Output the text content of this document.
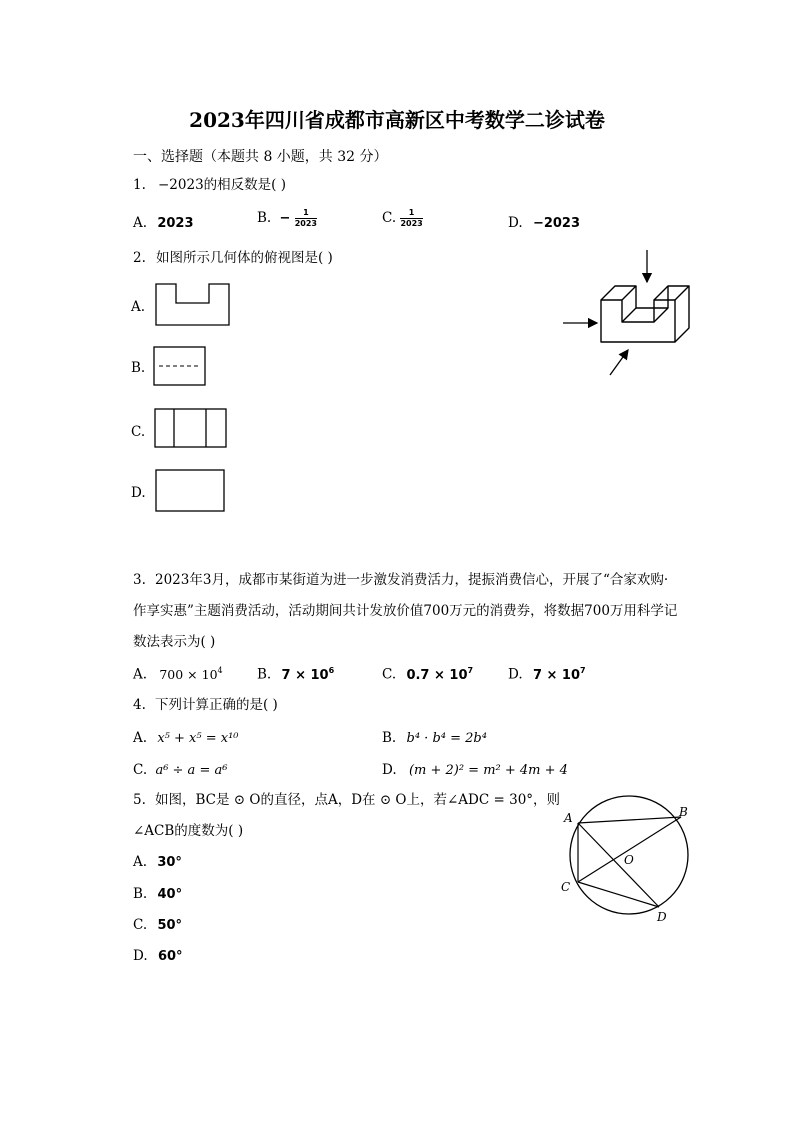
2023年四川省成都市高新区中考数学二诊试卷
一、选择题（本题共 8 小题，共 32 分）
1. −2023的相反数是( )
A. 2023	B. − $\frac{1}{2023}$	C. $\frac{1}{2023}$	D. −2023
2. 如图所示几何体的俯视图是( )
A.
B.
C.
D.
3. 2023年3月，成都市某街道为进一步激发消费活力，提振消费信心，开展了“合家欢购·
作享实惠”主题消费活动，活动期间共计发放价值700万元的消费券，将数据700万用科学记
数法表示为( )
A. $700 \times 10^4$	B. $7 \times 10^6$	C. $0.7 \times 10^7$	D. $7 \times 10^7$
4. 下列计算正确的是( )
A. x⁵ + x⁵ = x¹⁰	B. b⁴ · b⁴ = 2b⁴
C. a⁶ ÷ a = a⁶	D. (m + 2)² = m² + 4m + 4
5. 如图，BC是 ⊙ O的直径，点A，D在 ⊙ O上，若∠ADC = 30°，则
∠ACB的度数为( )
A. 30°
B. 40°
C. 50°
D. 60°
A	B
C
D
O
